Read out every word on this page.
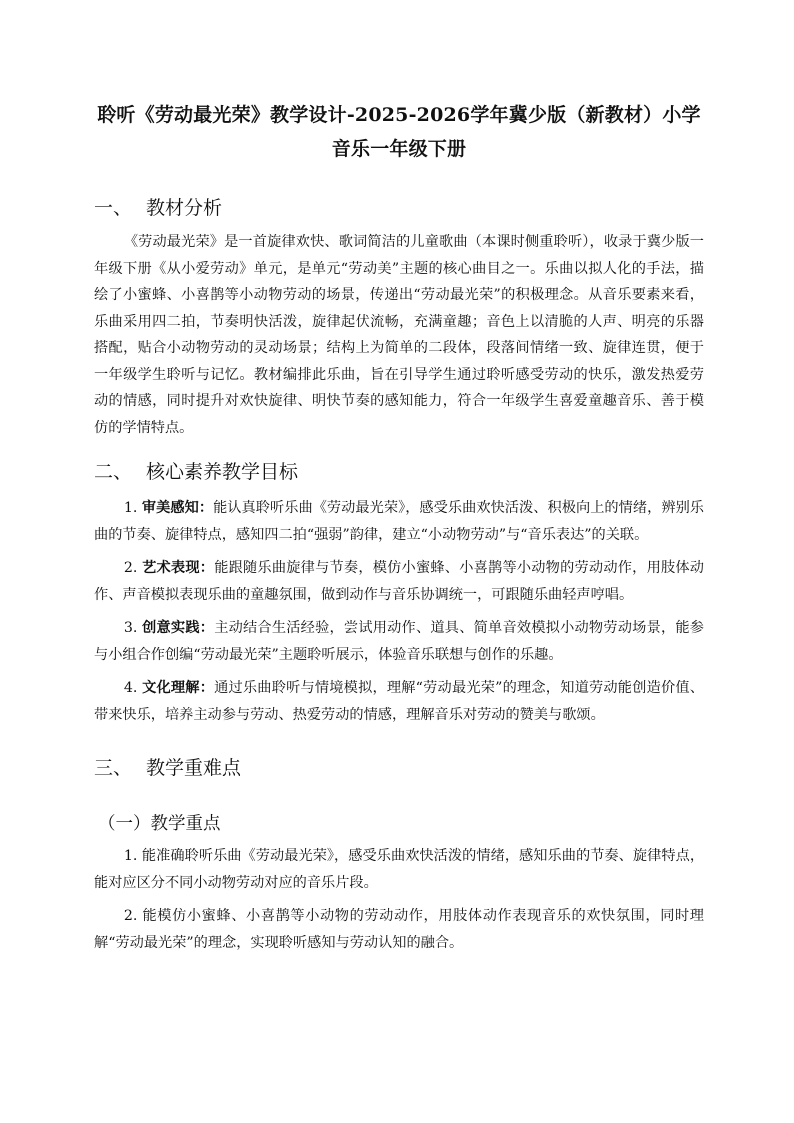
聆听《劳动最光荣》教学设计-2025-2026学年冀少版（新教材）小学音乐一年级下册
一、 教材分析

《劳动最光荣》是一首旋律欢快、歌词简洁的儿童歌曲（本课时侧重聆听），收录于冀少版一年级下册《从小爱劳动》单元，是单元“劳动美”主题的核心曲目之一。乐曲以拟人化的手法，描绘了小蜜蜂、小喜鹊等小动物劳动的场景，传递出“劳动最光荣”的积极理念。从音乐要素来看，乐曲采用四二拍，节奏明快活泼，旋律起伏流畅，充满童趣；音色上以清脆的人声、明亮的乐器搭配，贴合小动物劳动的灵动场景；结构上为简单的二段体，段落间情绪一致、旋律连贯，便于一年级学生聆听与记忆。教材编排此乐曲，旨在引导学生通过聆听感受劳动的快乐，激发热爱劳动的情感，同时提升对欢快旋律、明快节奏的感知能力，符合一年级学生喜爱童趣音乐、善于模仿的学情特点。

二、 核心素养教学目标

1. 审美感知：能认真聆听乐曲《劳动最光荣》，感受乐曲欢快活泼、积极向上的情绪，辨别乐曲的节奏、旋律特点，感知四二拍“强弱”韵律，建立“小动物劳动”与“音乐表达”的关联。

2. 艺术表现：能跟随乐曲旋律与节奏，模仿小蜜蜂、小喜鹊等小动物的劳动动作，用肢体动作、声音模拟表现乐曲的童趣氛围，做到动作与音乐协调统一，可跟随乐曲轻声哼唱。

3. 创意实践：主动结合生活经验，尝试用动作、道具、简单音效模拟小动物劳动场景，能参与小组合作创编“劳动最光荣”主题聆听展示，体验音乐联想与创作的乐趣。

4. 文化理解：通过乐曲聆听与情境模拟，理解“劳动最光荣”的理念，知道劳动能创造价值、带来快乐，培养主动参与劳动、热爱劳动的情感，理解音乐对劳动的赞美与歌颂。

三、 教学重难点
（一）教学重点

1. 能准确聆听乐曲《劳动最光荣》，感受乐曲欢快活泼的情绪，感知乐曲的节奏、旋律特点，能对应区分不同小动物劳动对应的音乐片段。

2. 能模仿小蜜蜂、小喜鹊等小动物的劳动动作，用肢体动作表现音乐的欢快氛围，同时理解“劳动最光荣”的理念，实现聆听感知与劳动认知的融合。
